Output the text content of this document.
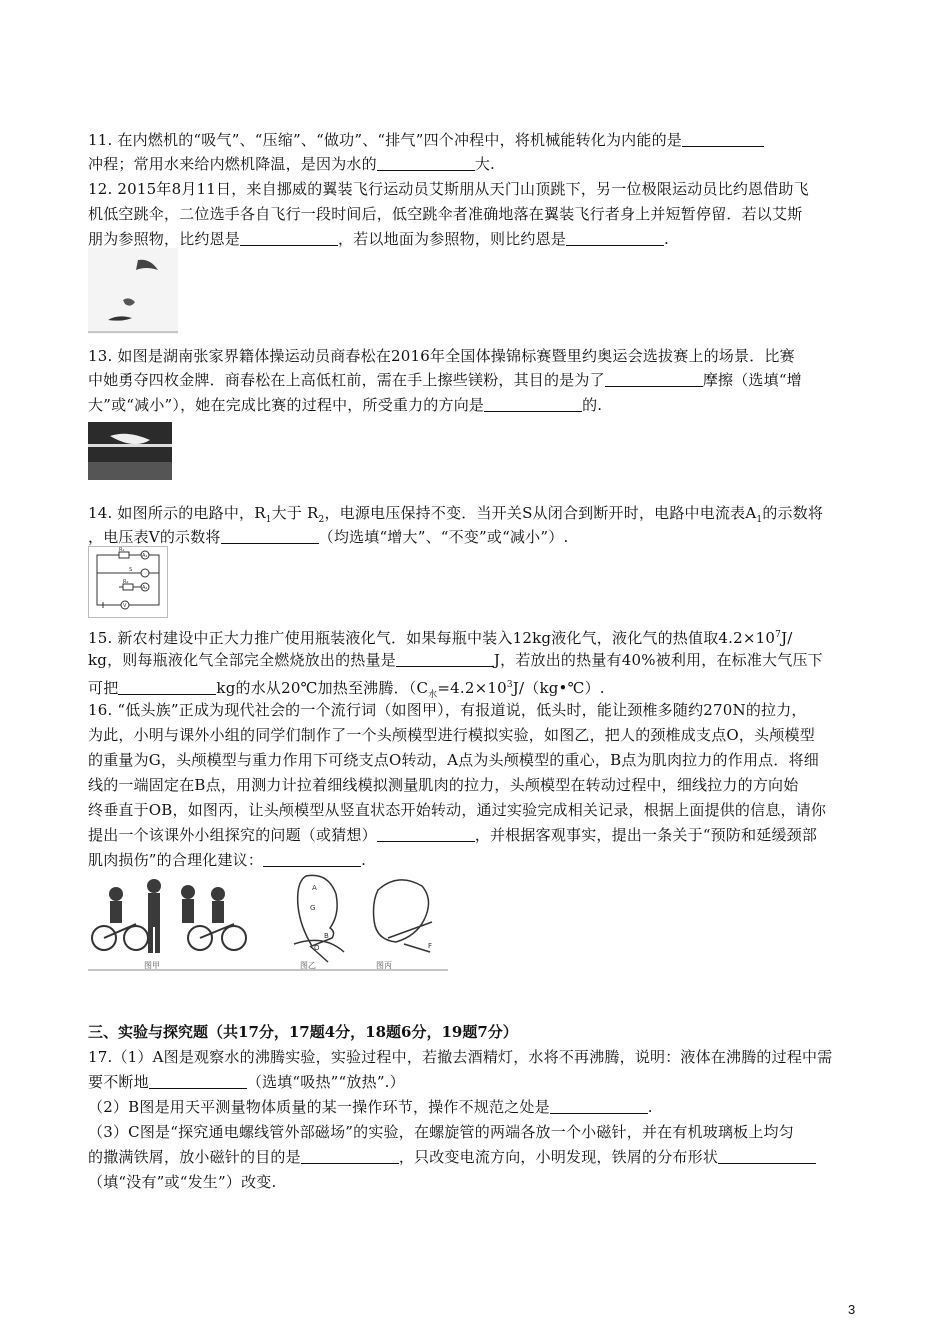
11. 在内燃机的“吸气”、“压缩”、“做功”、“排气”四个冲程中，将机械能转化为内能的是
冲程；常用水来给内燃机降温，是因为水的	大.
12. 2015年8月11日，来自挪威的翼装飞行运动员艾斯朋从天门山顶跳下，另一位极限运动员比约恩借助飞
机低空跳伞，二位选手各自飞行一段时间后，低空跳伞者准确地落在翼装飞行者身上并短暂停留．若以艾斯
朋为参照物，比约恩是	，若以地面为参照物，则比约恩是	.
13. 如图是湖南张家界籍体操运动员商春松在2016年全国体操锦标赛暨里约奥运会选拔赛上的场景．比赛
中她勇夺四枚金牌．商春松在上高低杠前，需在手上擦些镁粉，其目的是为了	摩擦（选填“增
大”或“减小”），她在完成比赛的过程中，所受重力的方向是	的.
14. 如图所示的电路中，$R_1$大于 $R_2$，电源电压保持不变．当开关S从闭合到断开时，电路中电流表$A_1$的示数将
，电压表V的示数将	（均选填“增大”、“不变”或“减小”）.
R₁
A₁
R₂
A₂
V
S
15. 新农村建设中正大力推广使用瓶装液化气．如果每瓶中装入12kg液化气，液化气的热值取$4.2\times 10^7J/$
kg，则每瓶液化气全部完全燃烧放出的热量是	J，若放出的热量有40%被利用，在标准大气压下
可把	kg的水从20℃加热至沸腾．（$C_水=4.2\times 10^3J/(kg•℃)$.
16. “低头族”正成为现代社会的一个流行词（如图甲），有报道说，低头时，能让颈椎多随约270N的拉力，
为此，小明与课外小组的同学们制作了一个头颅模型进行模拟实验，如图乙，把人的颈椎成支点O，头颅模型
的重量为G，头颅模型与重力作用下可绕支点O转动，A点为头颅模型的重心，B点为肌肉拉力的作用点．将细
线的一端固定在B点，用测力计拉着细线模拟测量肌肉的拉力，头颅模型在转动过程中，细线拉力的方向始
终垂直于OB，如图丙，让头颅模型从竖直状态开始转动，通过实验完成相关记录，根据上面提供的信息，请你
提出一个该课外小组探究的问题（或猜想）	，并根据客观事实，提出一条关于“预防和延缓颈部
肌肉损伤”的合理化建议：	.
A
G
O
B
F
图甲	图乙	图丙
三、实验与探究题（共17分，17题4分，18题6分，19题7分）
17.（1）A图是观察水的沸腾实验，实验过程中，若撤去酒精灯，水将不再沸腾，说明：液体在沸腾的过程中需
要不断地	（选填“吸热”“放热”.）
（2）B图是用天平测量物体质量的某一操作环节，操作不规范之处是	.
（3）C图是“探究通电螺线管外部磁场”的实验，在螺旋管的两端各放一个小磁针，并在有机玻璃板上均匀
的撒满铁屑，放小磁针的目的是	，只改变电流方向，小明发现，铁屑的分布形状
（填“没有”或“发生”）改变.
3
